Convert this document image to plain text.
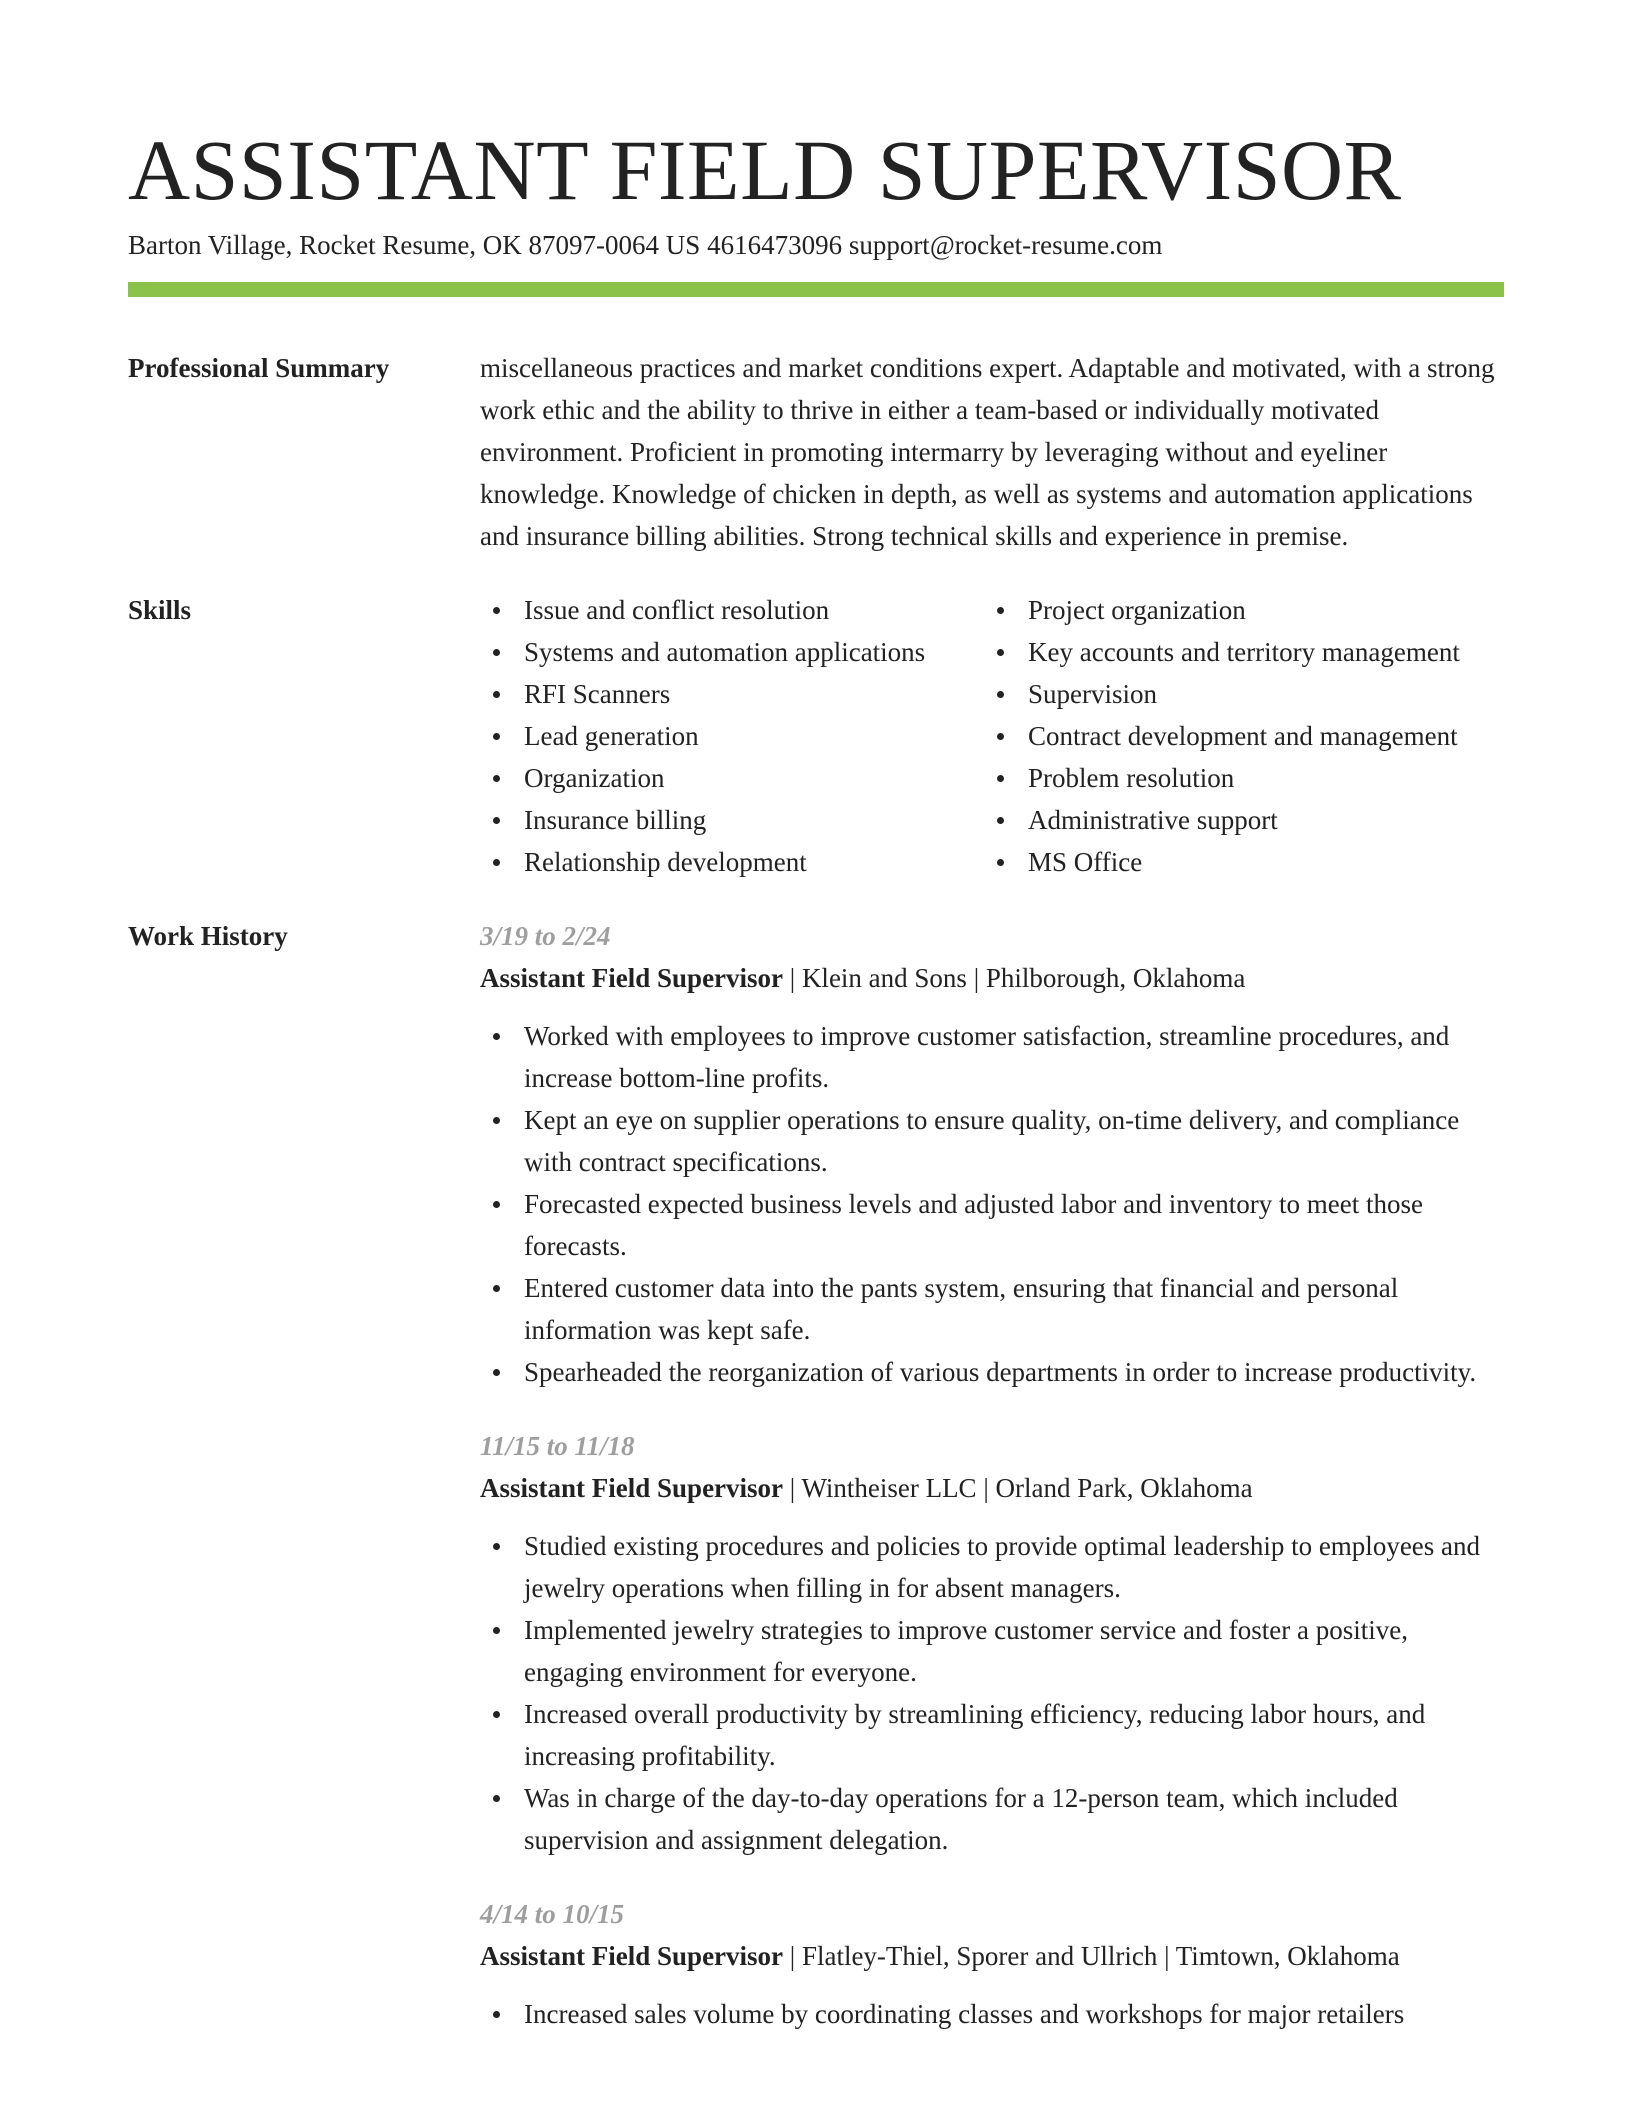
ASSISTANT FIELD SUPERVISOR
Barton Village, Rocket Resume, OK 87097-0064 US 4616473096 support@rocket-resume.com
Professional Summary	miscellaneous practices and market conditions expert. Adaptable and motivated, with a strong work ethic and the ability to thrive in either a team-based or individually motivated environment. Proficient in promoting intermarry by leveraging without and eyeliner knowledge. Knowledge of chicken in depth, as well as systems and automation applications and insurance billing abilities. Strong technical skills and experience in premise.

Skills	Issue and conflict resolution
Systems and automation applications
RFI Scanners
Lead generation
Organization
Insurance billing
Relationship development
Project organization
Key accounts and territory management
Supervision
Contract development and management
Problem resolution
Administrative support
MS Office
Work History	3/19 to 2/24
Assistant Field Supervisor | Klein and Sons | Philborough, Oklahoma
Worked with employees to improve customer satisfaction, streamline procedures, and increase bottom-line profits.
Kept an eye on supplier operations to ensure quality, on-time delivery, and compliance with contract specifications.
Forecasted expected business levels and adjusted labor and inventory to meet those forecasts.
Entered customer data into the pants system, ensuring that financial and personal information was kept safe.
Spearheaded the reorganization of various departments in order to increase productivity.
11/15 to 11/18
Assistant Field Supervisor | Wintheiser LLC | Orland Park, Oklahoma
Studied existing procedures and policies to provide optimal leadership to employees and jewelry operations when filling in for absent managers.
Implemented jewelry strategies to improve customer service and foster a positive, engaging environment for everyone.
Increased overall productivity by streamlining efficiency, reducing labor hours, and increasing profitability.
Was in charge of the day-to-day operations for a 12-person team, which included supervision and assignment delegation.
4/14 to 10/15
Assistant Field Supervisor | Flatley-Thiel, Sporer and Ullrich | Timtown, Oklahoma
Increased sales volume by coordinating classes and workshops for major retailers
